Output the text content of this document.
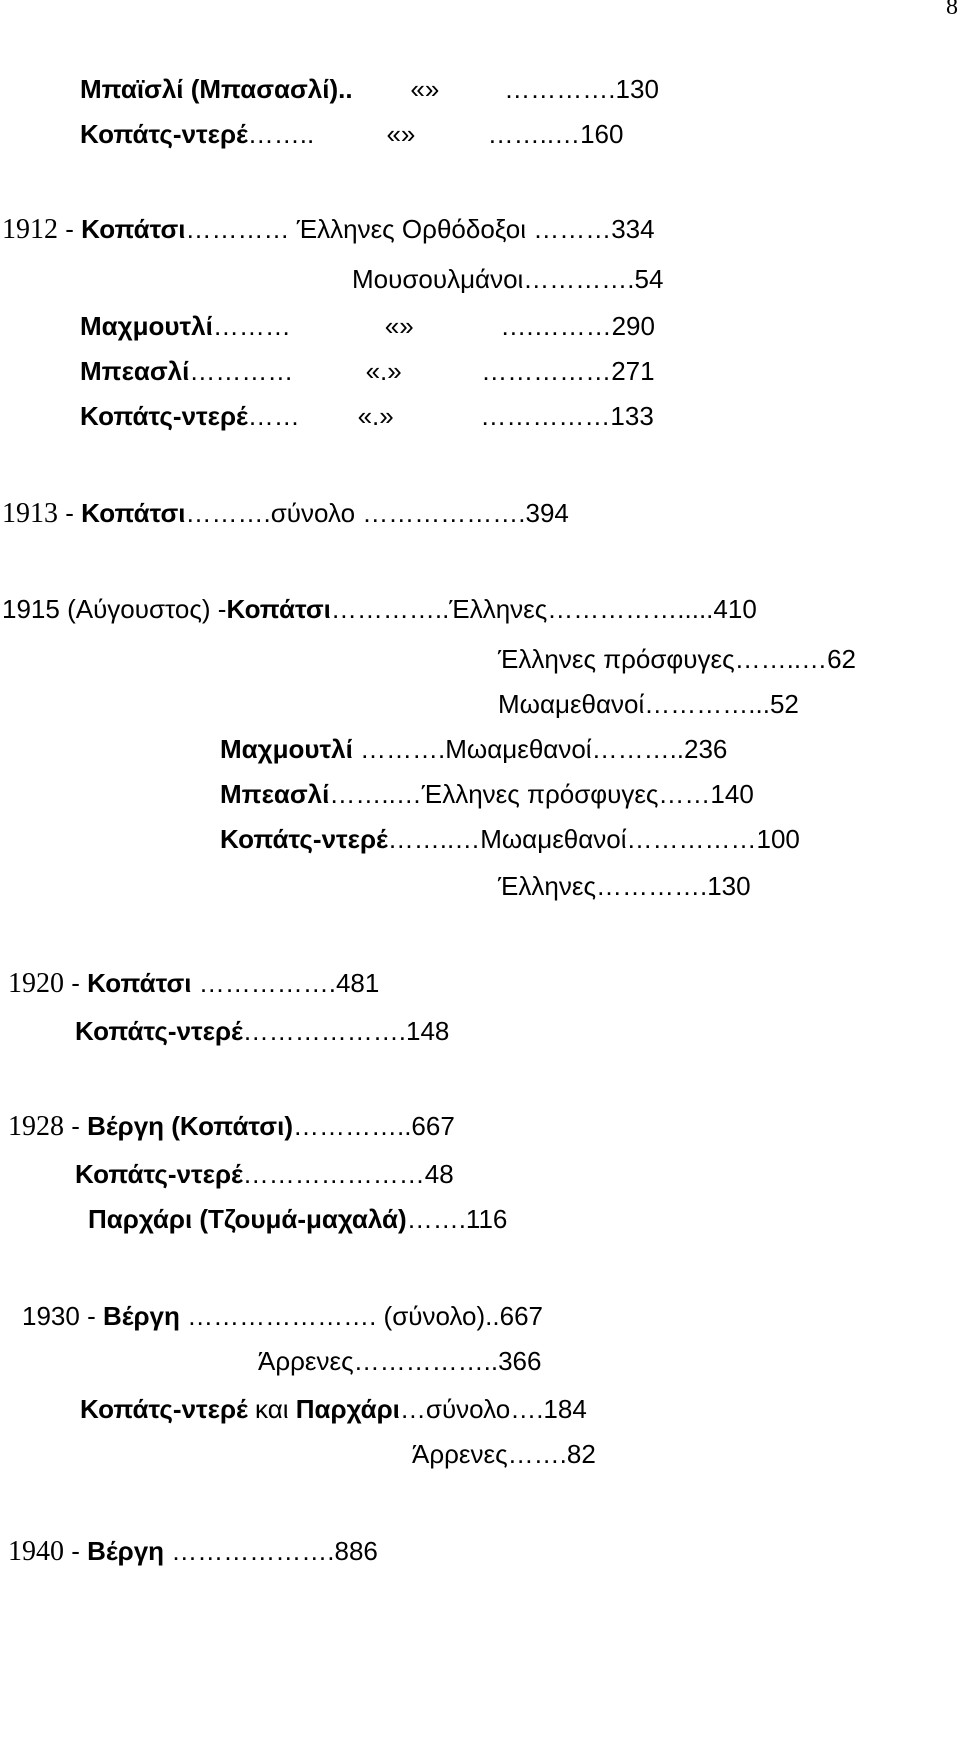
8
Μπαϊσλί (Μπασασλί)..        «»         ………….130
Κοπάτς-ντερέ……..          «»          ……..…160
1912 - Κοπάτσι………… Έλληνες Ορθόδοξοι ………334
Μουσουλμάνοι………….54
Μαχμουτλί………             «»            ….………290
Μπεασλί…………          «.»           ……………271
Κοπάτς-ντερέ……        «.»            ……………133
1913 - Κοπάτσι……….σύνολο ……………….394
1915 (Αύγουστος) -Κοπάτσι…………..Έλληνες…………….....410
Έλληνες πρόσφυγες……..…62
Μωαμεθανοί…………...52
Μαχμουτλί ……….Μωαμεθανοί………..236
Μπεασλί……..…Έλληνες πρόσφυγες……140
Κοπάτς-ντερέ……..…Μωαμεθανοί……………100
Έλληνες………….130
1920 - Κοπάτσι …………….481
Κοπάτς-ντερέ……………….148
1928 - Βέργη (Κοπάτσι)…………..667
Κοπάτς-ντερέ…………………48
Παρχάρι (Τζουμά-μαχαλά)…….116
1930 - Βέργη …………………. (σύνολο)..667
Άρρενες……………..366
Κοπάτς-ντερέ και Παρχάρι…σύνολο….184
Άρρενες…….82
1940 - Βέργη ……………….886
